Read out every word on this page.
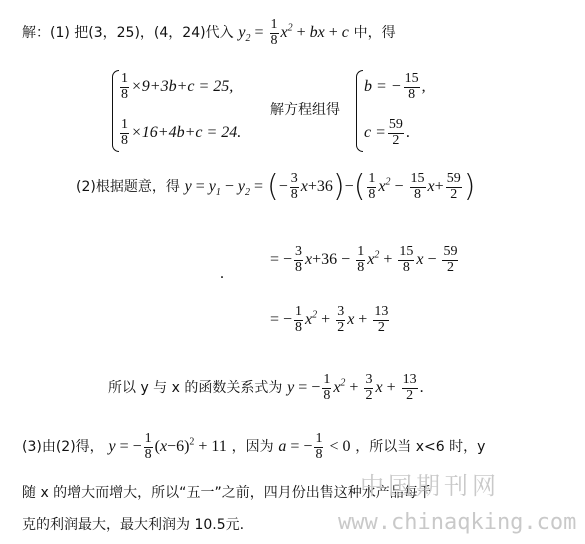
解：(1) 把(3，25)，(4，24)代入 $y_2 = \frac{1}{8} x^2$ + bx + c 中，得
$\frac{1}{8} \times 9+3b+c = 25$,
$\frac{1}{8} \times 16+4b+c = 24$.
解方程组得
b = − $\frac{15}{8}$ ,
$c = \frac{59}{2}$ .
(2)根据题意，得 $y = y_1 - y_2$ = (− $\frac{3}{8} x+36)-( \frac{1}{8} x^2 - \frac{15}{8} x+ \frac{59}{2}$ )
.
= − $\frac{3}{8} x+36 - \frac{1}{8} x^2 + \frac{15}{8}$ $x - \frac{59}{2}$
= − $\frac{1}{8} x^2 + \frac{3}{2}$ $x + \frac{13}{2}$
所以 y 与 x 的函数关系式为 y = − $\frac{1}{8} x^2 + \frac{3}{2}$ $x + \frac{13}{2}$ .
(3)由(2)得， y = − $\frac{1}{8} (x-6)^2 + 11$ ，因为 a = − $\frac{1}{8} < 0$ ，所以当 x<6 时，y
随 x 的增大而增大，所以“五一”之前，四月份出售这种水产品每千
克的利润最大，最大利润为 10.5元.
中国期刊网
www.chinaqking.com
